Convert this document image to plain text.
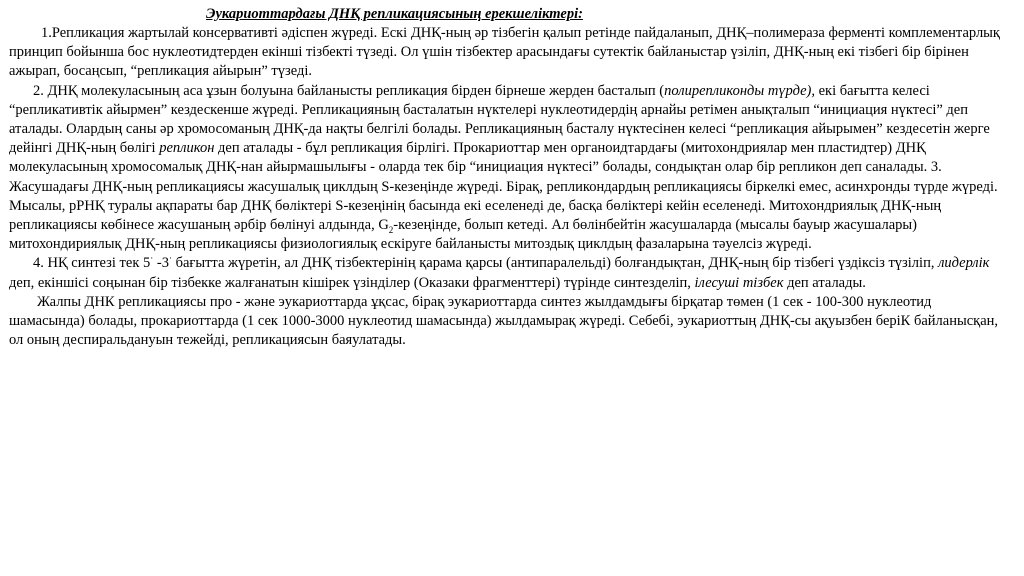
Эукариоттардағы ДНҚ репликациясының ерекшеліктері:

1.Репликация жартылай консервативті әдіспен жүреді. Ескі ДНҚ-ның әр тізбегін қалып ретінде пайдаланып, ДНҚ–полимераза ферменті комплементарлық принцип бойынша бос нуклеотидтерден екінші тізбекті түзеді. Ол үшін тізбектер арасындағы сутектік байланыстар үзіліп, ДНҚ-ның екі тізбегі бір бірінен ажырап, босаңсып, “репликация айырын” түзеді.

2. ДНҚ молекуласының аса ұзын болуына байланысты репликация бірден бірнеше жерден басталып (полирепликонды түрде), екі бағытта келесі “репликативтік айырмен” кездескенше жүреді. Репликацияның басталатын нүктелері нуклеотидердің арнайы ретімен анықталып “инициация нүктесі” деп аталады. Олардың саны әр хромосоманың ДНҚ-да нақты белгілі болады. Репликацияның басталу нүктесінен келесі “репликация айырымен” кездесетін жерге дейінгі ДНҚ-ның бөлігі репликон деп аталады - бұл репликация бірлігі. Прокариоттар мен органоидтардағы (митохондриялар мен пластидтер) ДНҚ молекуласының хромосомалық ДНҚ-нан айырмашылығы - оларда тек бір “инициация нүктесі” болады, сондықтан олар бір репликон деп саналады. 3. Жасушадағы ДНҚ-ның репликациясы жасушалық циклдың S-кезеңінде жүреді. Бірақ, репликондардың репликациясы біркелкі емес, асинхронды түрде жүреді. Мысалы, рРНҚ туралы ақпараты бар ДНҚ бөліктері S-кезеңінің басында екі еселенеді де, басқа бөліктері кейін еселенеді. Митохондриялық ДНҚ-ның репликациясы көбінесе жасушаның әрбір бөлінуі алдында, $G_2$-кезеңінде, болып кетеді. Ал бөлінбейтін жасушаларда (мысалы бауыр жасушалары) митохондириялық ДНҚ-ның репликациясы физиологиялық ескіруге байланысты митоздық циклдың фазаларына тәуелсіз жүреді.

4. НҚ синтезі тек 5· -3· бағытта жүретін, ал ДНҚ тізбектерінің қарама қарсы (антипаралельді) болғандықтан, ДНҚ-ның бір тізбегі үздіксіз түзіліп, лидерлік деп, екіншісі соңынан бір тізбекке жалғанатын кішірек үзінділер (Оказаки фрагменттері) түрінде синтезделіп, ілесуші тізбек деп аталады.

Жалпы ДНК репликациясы про - және эукариоттарда ұқсас, бірақ эукариоттарда синтез жылдамдығы бірқатар төмен (1 сек - 100-300 нуклеотид шамасында) болады, прокариоттарда (1 сек 1000-3000 нуклеотид шамасында) жылдамырақ жүреді. Себебі, эукариоттың ДНҚ-сы ақуызбен беріК байланысқан, ол оның деспиральдануын тежейді, репликациясын баяулатады.
